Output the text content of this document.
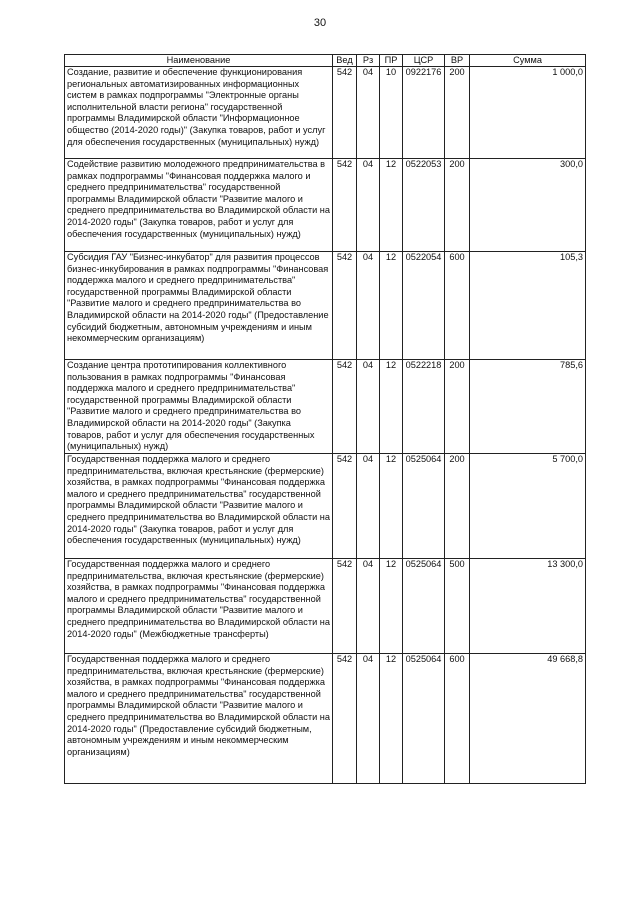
30
Наименование	Вед	Рз	ПР	ЦСР	ВР	Сумма
Создание, развитие и обеспечение функционирования региональных автоматизированных информационных систем в рамках подпрограммы "Электронные органы исполнительной власти региона" государственной программы Владимирской области "Информационное общество (2014-2020 годы)" (Закупка товаров, работ и услуг для обеспечения государственных (муниципальных) нужд)	542	04	10	0922176	200	1 000,0
Содействие развитию молодежного предпринимательства в рамках подпрограммы "Финансовая поддержка малого и среднего предпринимательства" государственной программы Владимирской области "Развитие малого и среднего предпринимательства во Владимирской области на 2014-2020 годы" (Закупка товаров, работ и услуг для обеспечения государственных (муниципальных) нужд)	542	04	12	0522053	200	300,0
Субсидия ГАУ "Бизнес-инкубатор" для развития процессов бизнес-инкубирования в рамках подпрограммы "Финансовая поддержка малого и среднего предпринимательства" государственной программы Владимирской области "Развитие малого и среднего предпринимательства во Владимирской области на 2014-2020 годы" (Предоставление субсидий бюджетным, автономным учреждениям и иным некоммерческим организациям)	542	04	12	0522054	600	105,3
Создание центра прототипирования коллективного пользования в рамках подпрограммы "Финансовая поддержка малого и среднего предпринимательства" государственной программы Владимирской области "Развитие малого и среднего предпринимательства во Владимирской области на 2014-2020 годы" (Закупка товаров, работ и услуг для обеспечения государственных (муниципальных) нужд)	542	04	12	0522218	200	785,6
Государственная поддержка малого и среднего предпринимательства, включая крестьянские (фермерские) хозяйства, в рамках подпрограммы "Финансовая поддержка малого и среднего предпринимательства" государственной программы Владимирской области "Развитие малого и среднего предпринимательства во Владимирской области на 2014-2020 годы" (Закупка товаров, работ и услуг для обеспечения государственных (муниципальных) нужд)	542	04	12	0525064	200	5 700,0
Государственная поддержка малого и среднего предпринимательства, включая крестьянские (фермерские) хозяйства, в рамках подпрограммы "Финансовая поддержка малого и среднего предпринимательства" государственной программы Владимирской области "Развитие малого и среднего предпринимательства во Владимирской области на 2014-2020 годы" (Межбюджетные трансферты)	542	04	12	0525064	500	13 300,0
Государственная поддержка малого и среднего предпринимательства, включая крестьянские (фермерские) хозяйства, в рамках подпрограммы "Финансовая поддержка малого и среднего предпринимательства" государственной программы Владимирской области "Развитие малого и среднего предпринимательства во Владимирской области на 2014-2020 годы" (Предоставление субсидий бюджетным, автономным учреждениям и иным некоммерческим организациям)	542	04	12	0525064	600	49 668,8
